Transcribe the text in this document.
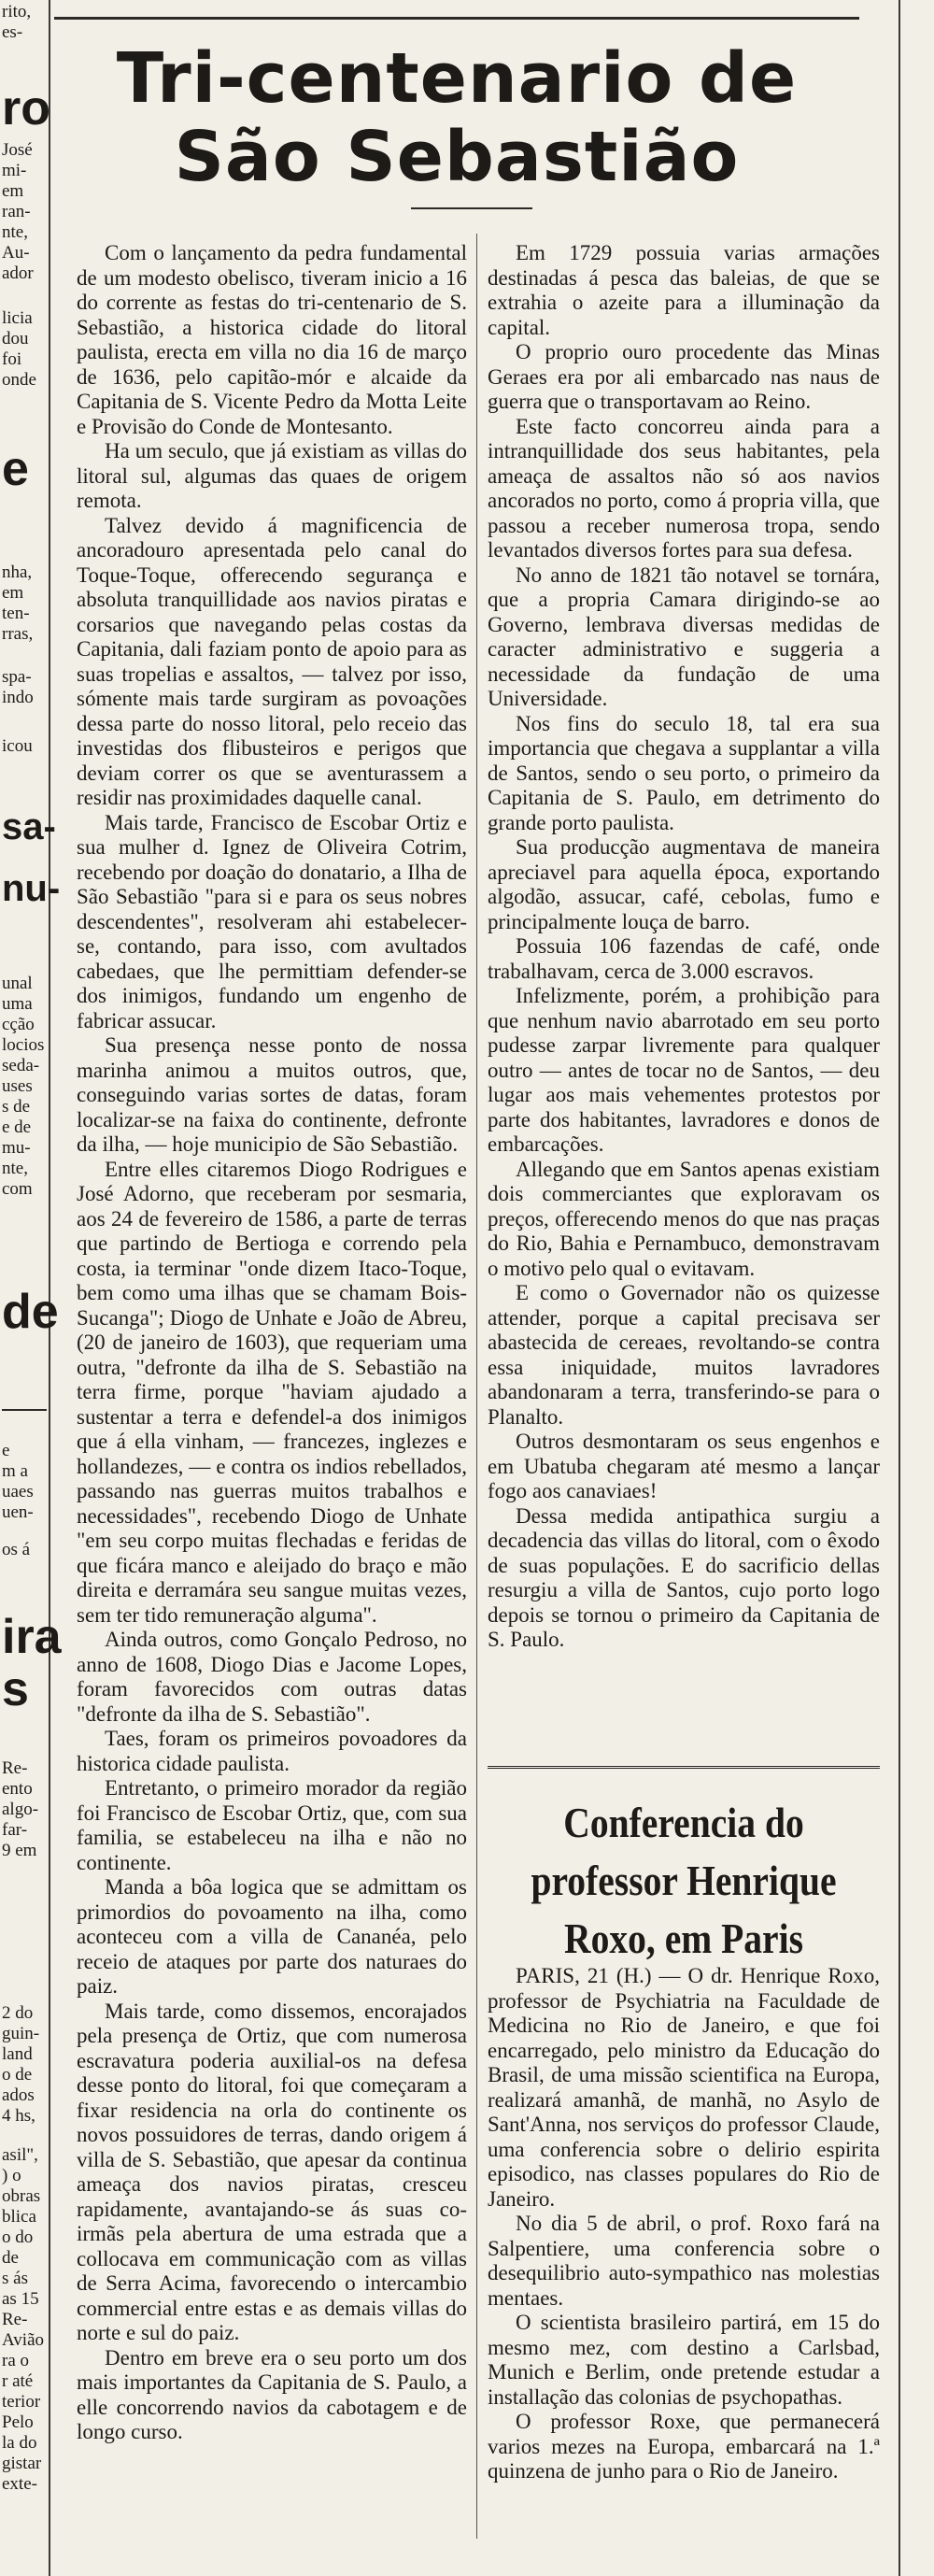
rito,
es-
ro
José
mi-
em
ran-
nte,
Au-
ador
licia
dou
foi
onde
e
nha,
em
ten-
rras,
spa-
indo
icou
sa-
nu-
unal
uma
cção
locios
seda-
uses
s de
e de
mu-
nte,
com
de
e
m a
uaes
uen-
os á
ira
s
Re-
ento
algo-
far-
9 em
2 do
guin-
land
o de
ados
4 hs,
asil",
) o
obras
blica
o do
de
s ás
as 15
Re-
Avião
ra o
r até
terior
Pelo
la do
gistar
exte-
Tri-centenario de
São Sebastião

Com o lançamento da pedra fundamental de um modesto obelisco, tiveram inicio a 16 do corrente as festas do tri-centenario de S. Sebastião, a historica cidade do litoral paulista, erecta em villa no dia 16 de março de 1636, pelo capitão-mór e alcaide da Capitania de S. Vicente Pedro da Motta Leite e Provisão do Conde de Montesanto.

Ha um seculo, que já existiam as villas do litoral sul, algumas das quaes de origem remota.

Talvez devido á magnificencia de ancoradouro apresentada pelo canal do Toque-Toque, offerecendo segurança e absoluta tranquillidade aos navios piratas e corsarios que navegando pelas costas da Capitania, dali faziam ponto de apoio para as suas tropelias e assaltos, — talvez por isso, sómente mais tarde surgiram as povoações dessa parte do nosso litoral, pelo receio das investidas dos flibusteiros e perigos que deviam correr os que se aventurassem a residir nas proximidades daquelle canal.

Mais tarde, Francisco de Escobar Ortiz e sua mulher d. Ignez de Oliveira Cotrim, recebendo por doação do donatario, a Ilha de São Sebastião "para si e para os seus nobres descendentes", resolveram ahi estabelecer-se, contando, para isso, com avultados cabedaes, que lhe permittiam defender-se dos inimigos, fundando um engenho de fabricar assucar.

Sua presença nesse ponto de nossa marinha animou a muitos outros, que, conseguindo varias sortes de datas, foram localizar-se na faixa do continente, defronte da ilha, — hoje municipio de São Sebastião.

Entre elles citaremos Diogo Rodrigues e José Adorno, que receberam por sesmaria, aos 24 de fevereiro de 1586, a parte de terras que partindo de Bertioga e correndo pela costa, ia terminar "onde dizem Itaco-Toque, bem como uma ilhas que se chamam Bois-Sucanga"; Diogo de Unhate e João de Abreu, (20 de janeiro de 1603), que requeriam uma outra, "defronte da ilha de S. Sebastião na terra firme, porque "haviam ajudado a sustentar a terra e defendel-a dos inimigos que á ella vinham, — francezes, inglezes e hollandezes, — e contra os indios rebellados, passando nas guerras muitos trabalhos e necessidades", recebendo Diogo de Unhate "em seu corpo muitas flechadas e feridas de que ficára manco e aleijado do braço e mão direita e derramára seu sangue muitas vezes, sem ter tido remuneração alguma".

Ainda outros, como Gonçalo Pedroso, no anno de 1608, Diogo Dias e Jacome Lopes, foram favorecidos com outras datas "defronte da ilha de S. Sebastião".

Taes, foram os primeiros povoadores da historica cidade paulista.

Entretanto, o primeiro morador da região foi Francisco de Escobar Ortiz, que, com sua familia, se estabeleceu na ilha e não no continente.

Manda a bôa logica que se admittam os primordios do povoamento na ilha, como aconteceu com a villa de Cananéa, pelo receio de ataques por parte dos naturaes do paiz.

Mais tarde, como dissemos, encorajados pela presença de Ortiz, que com numerosa escravatura poderia auxilial-os na defesa desse ponto do litoral, foi que começaram a fixar residencia na orla do continente os novos possuidores de terras, dando origem á villa de S. Sebastião, que apesar da continua ameaça dos navios piratas, cresceu rapidamente, avantajando-se ás suas co-irmãs pela abertura de uma estrada que a collocava em communicação com as villas de Serra Acima, favorecendo o intercambio commercial entre estas e as demais villas do norte e sul do paiz.

Dentro em breve era o seu porto um dos mais importantes da Capitania de S. Paulo, a elle concorrendo navios da cabotagem e de longo curso.

Em 1729 possuia varias armações destinadas á pesca das baleias, de que se extrahia o azeite para a illuminação da capital.

O proprio ouro procedente das Minas Geraes era por ali embarcado nas naus de guerra que o transportavam ao Reino.

Este facto concorreu ainda para a intranquillidade dos seus habitantes, pela ameaça de assaltos não só aos navios ancorados no porto, como á propria villa, que passou a receber numerosa tropa, sendo levantados diversos fortes para sua defesa.

No anno de 1821 tão notavel se tornára, que a propria Camara dirigindo-se ao Governo, lembrava diversas medidas de caracter administrativo e suggeria a necessidade da fundação de uma Universidade.

Nos fins do seculo 18, tal era sua importancia que chegava a supplantar a villa de Santos, sendo o seu porto, o primeiro da Capitania de S. Paulo, em detrimento do grande porto paulista.

Sua producção augmentava de maneira apreciavel para aquella época, exportando algodão, assucar, café, cebolas, fumo e principalmente louça de barro.

Possuia 106 fazendas de café, onde trabalhavam, cerca de 3.000 escravos.

Infelizmente, porém, a prohibição para que nenhum navio abarrotado em seu porto pudesse zarpar livremente para qualquer outro — antes de tocar no de Santos, — deu lugar aos mais vehementes protestos por parte dos habitantes, lavradores e donos de embarcações.

Allegando que em Santos apenas existiam dois commerciantes que exploravam os preços, offerecendo menos do que nas praças do Rio, Bahia e Pernambuco, demonstravam o motivo pelo qual o evitavam.

E como o Governador não os quizesse attender, porque a capital precisava ser abastecida de cereaes, revoltando-se contra essa iniquidade, muitos lavradores abandonaram a terra, transferindo-se para o Planalto.

Outros desmontaram os seus engenhos e em Ubatuba chegaram até mesmo a lançar fogo aos canaviaes!

Dessa medida antipathica surgiu a decadencia das villas do litoral, com o êxodo de suas populações. E do sacrificio dellas resurgiu a villa de Santos, cujo porto logo depois se tornou o primeiro da Capitania de S. Paulo.

Conferencia do professor Henrique Roxo, em Paris

PARIS, 21 (H.) — O dr. Henrique Roxo, professor de Psychiatria na Faculdade de Medicina no Rio de Janeiro, e que foi encarregado, pelo ministro da Educação do Brasil, de uma missão scientifica na Europa, realizará amanhã, de manhã, no Asylo de Sant'Anna, nos serviços do professor Claude, uma conferencia sobre o delirio espirita episodico, nas classes populares do Rio de Janeiro.

No dia 5 de abril, o prof. Roxo fará na Salpentiere, uma conferencia sobre o desequilibrio auto-sympathico nas molestias mentaes.

O scientista brasileiro partirá, em 15 do mesmo mez, com destino a Carlsbad, Munich e Berlim, onde pretende estudar a installação das colonias de psychopathas.

O professor Roxe, que permanecerá varios mezes na Europa, embarcará na 1.ª quinzena de junho para o Rio de Janeiro.
